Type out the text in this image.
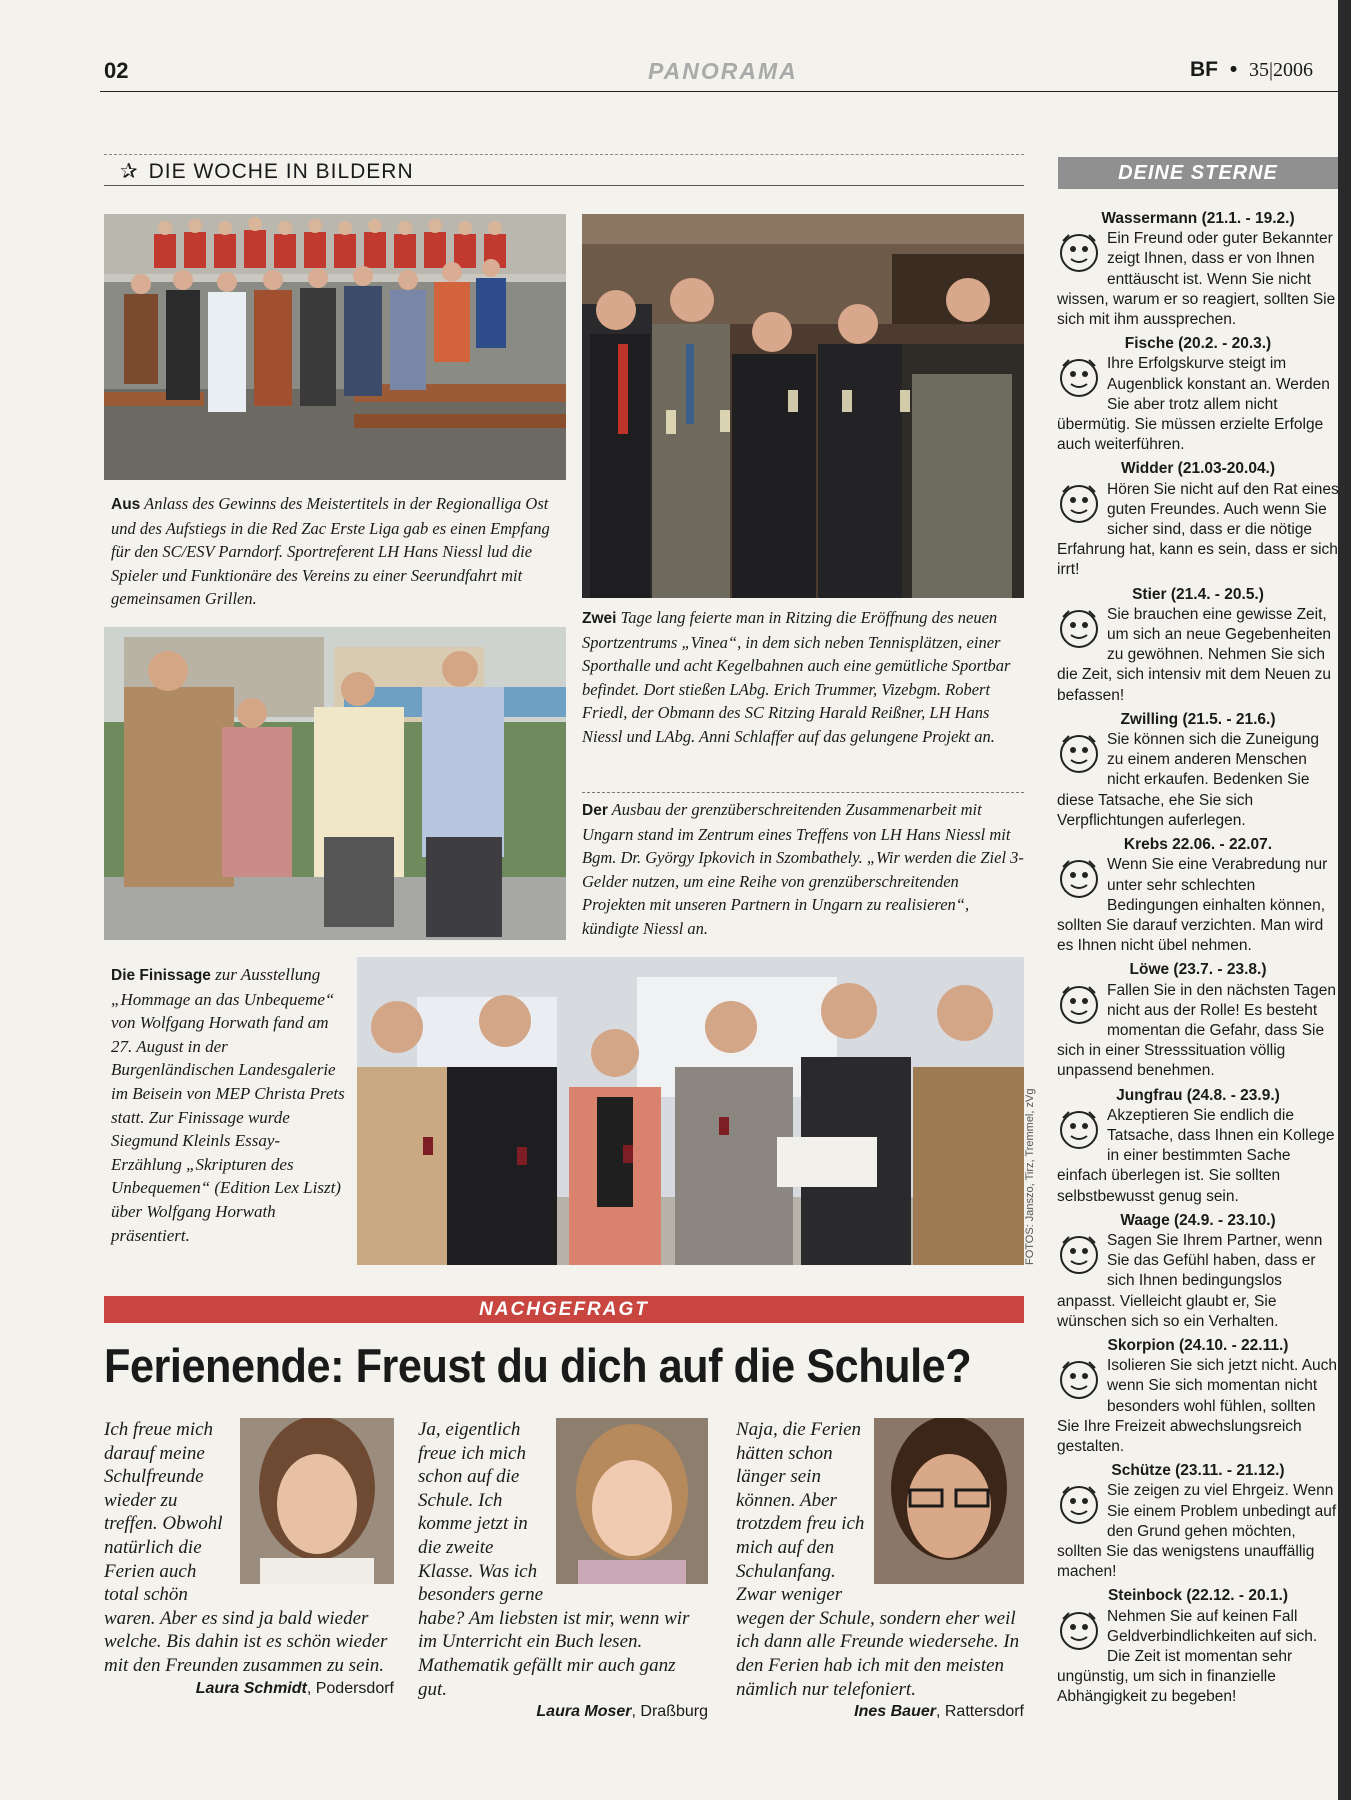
02	PANORAMA	BF • 35|2006
✰ DIE WOCHE IN BILDERN
Aus Anlass des Gewinns des Meistertitels in der Regionalliga Ost und des Aufstiegs in die Red Zac Erste Liga gab es einen Empfang für den SC/ESV Parndorf. Sportreferent LH Hans Niessl lud die Spieler und Funktionäre des Vereins zu einer Seerundfahrt mit gemeinsamen Grillen.
Zwei Tage lang feierte man in Ritzing die Eröffnung des neuen Sportzentrums „Vinea“, in dem sich neben Tennisplätzen, einer Sporthalle und acht Kegelbahnen auch eine gemütliche Sportbar befindet. Dort stießen LAbg. Erich Trummer, Vizebgm. Robert Friedl, der Obmann des SC Ritzing Harald Reißner, LH Hans Niessl und LAbg. Anni Schlaffer auf das gelungene Projekt an.
Der Ausbau der grenzüberschreitenden Zusammenarbeit mit Ungarn stand im Zentrum eines Treffens von LH Hans Niessl mit Bgm. Dr. György Ipkovich in Szombathely. „Wir werden die Ziel 3-Gelder nutzen, um eine Reihe von grenzüberschreitenden Projekten mit unseren Partnern in Ungarn zu realisieren“, kündigte Niessl an.
Die Finissage zur Ausstellung „Hommage an das Unbequeme“ von Wolfgang Horwath fand am 27. August in der Burgenländischen Landesgalerie im Beisein von MEP Christa Prets statt. Zur Finissage wurde Siegmund Kleinls Essay-Erzählung „Skripturen des Unbequemen“ (Edition Lex Liszt) über Wolfgang Horwath präsentiert.	FOTOS: Janszo, Tirz, Tremmel, zVg
NACHGEFRAGT
Ferienende: Freust du dich auf die Schule?
Ich freue mich darauf meine Schulfreunde wieder zu treffen. Obwohl natürlich die Ferien auch total schön waren. Aber es sind ja bald wieder welche. Bis dahin ist es schön wieder mit den Freunden zusammen zu sein.
Laura Schmidt, Podersdorf
Ja, eigentlich freue ich mich schon auf die Schule. Ich komme jetzt in die zweite Klasse. Was ich besonders gerne habe? Am liebsten ist mir, wenn wir im Unterricht ein Buch lesen. Mathematik gefällt mir auch ganz gut.
Laura Moser, Draßburg
Naja, die Ferien hätten schon länger sein können. Aber trotzdem freu ich mich auf den Schulanfang. Zwar weniger wegen der Schule, sondern eher weil ich dann alle Freunde wiedersehe. In den Ferien hab ich mit den meisten nämlich nur telefoniert.
Ines Bauer, Rattersdorf
DEINE STERNE
Wassermann (21.1. - 19.2.)
Ein Freund oder guter Bekannter zeigt Ihnen, dass er von Ihnen enttäuscht ist. Wenn Sie nicht wissen, warum er so reagiert, sollten Sie sich mit ihm aussprechen.
Fische (20.2. - 20.3.)
Ihre Erfolgskurve steigt im Augenblick konstant an. Werden Sie aber trotz allem nicht übermütig. Sie müssen erzielte Erfolge auch weiterführen.
Widder (21.03-20.04.)
Hören Sie nicht auf den Rat eines guten Freundes. Auch wenn Sie sicher sind, dass er die nötige Erfahrung hat, kann es sein, dass er sich irrt!
Stier (21.4. - 20.5.)
Sie brauchen eine gewisse Zeit, um sich an neue Gegebenheiten zu gewöhnen. Nehmen Sie sich die Zeit, sich intensiv mit dem Neuen zu befassen!
Zwilling (21.5. - 21.6.)
Sie können sich die Zuneigung zu einem anderen Menschen nicht erkaufen. Bedenken Sie diese Tatsache, ehe Sie sich Verpflichtungen auferlegen.
Krebs 22.06. - 22.07.
Wenn Sie eine Verabredung nur unter sehr schlechten Bedingungen einhalten können, sollten Sie darauf verzichten. Man wird es Ihnen nicht übel nehmen.
Löwe (23.7. - 23.8.)
Fallen Sie in den nächsten Tagen nicht aus der Rolle! Es besteht momentan die Gefahr, dass Sie sich in einer Stresssituation völlig unpassend benehmen.
Jungfrau (24.8. - 23.9.)
Akzeptieren Sie endlich die Tatsache, dass Ihnen ein Kollege in einer bestimmten Sache einfach überlegen ist. Sie sollten selbstbewusst genug sein.
Waage (24.9. - 23.10.)
Sagen Sie Ihrem Partner, wenn Sie das Gefühl haben, dass er sich Ihnen bedingungslos anpasst. Vielleicht glaubt er, Sie wünschen sich so ein Verhalten.
Skorpion (24.10. - 22.11.)
Isolieren Sie sich jetzt nicht. Auch wenn Sie sich momentan nicht besonders wohl fühlen, sollten Sie Ihre Freizeit abwechslungsreich gestalten.
Schütze (23.11. - 21.12.)
Sie zeigen zu viel Ehrgeiz. Wenn Sie einem Problem unbedingt auf den Grund gehen möchten, sollten Sie das wenigstens unauffällig machen!
Steinbock (22.12. - 20.1.)
Nehmen Sie auf keinen Fall Geldverbindlichkeiten auf sich. Die Zeit ist momentan sehr ungünstig, um sich in finanzielle Abhängigkeit zu begeben!
